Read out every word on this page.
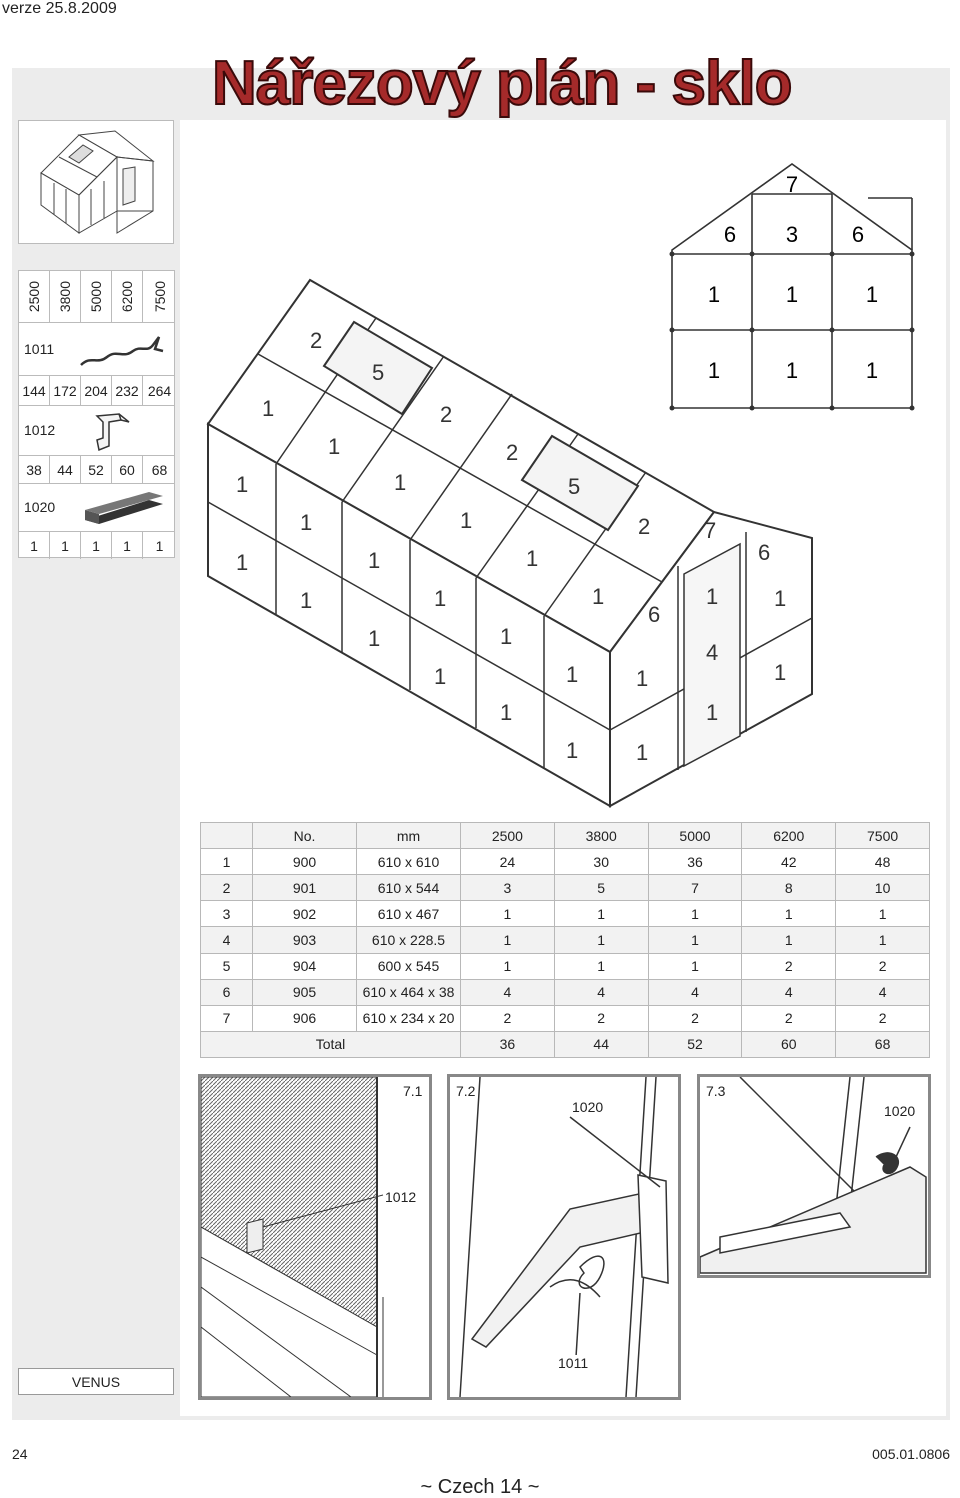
verze 25.8.2009
Nářezový plán - sklo
2500 3800 5000 6200 7500
1011
144 172 204 232 264
1012
38	44	52	60	68
1020
1	1	1	1	1
7
6 3 6
1	1	1
1	1	1
2
5
1	2
1
1
2
1
1
1
1	5
2
1
1
1
1
1
1
1
1
1
1
7
6
6
1
1
4
1
1
1
1
1
	No.	mm	2500	3800	5000	6200	7500
1	900	610 x 610	24	30	36	42	48
2	901	610 x 544	3	5	7	8	10
3	902	610 x 467	1	1	1	1	1
4	903	610 x 228.5	1	1	1	1	1
5	904	600 x 545	1	1	1	2	2
6	905	610 x 464 x 38	4	4	4	4	4
7	906	610 x 234 x 20	2	2	2	2	2
Total			36	44	52	60	68
7.1
1012
7.2
1020
1011
7.3
1020
VENUS
24	005.01.0806
~ Czech 14 ~
